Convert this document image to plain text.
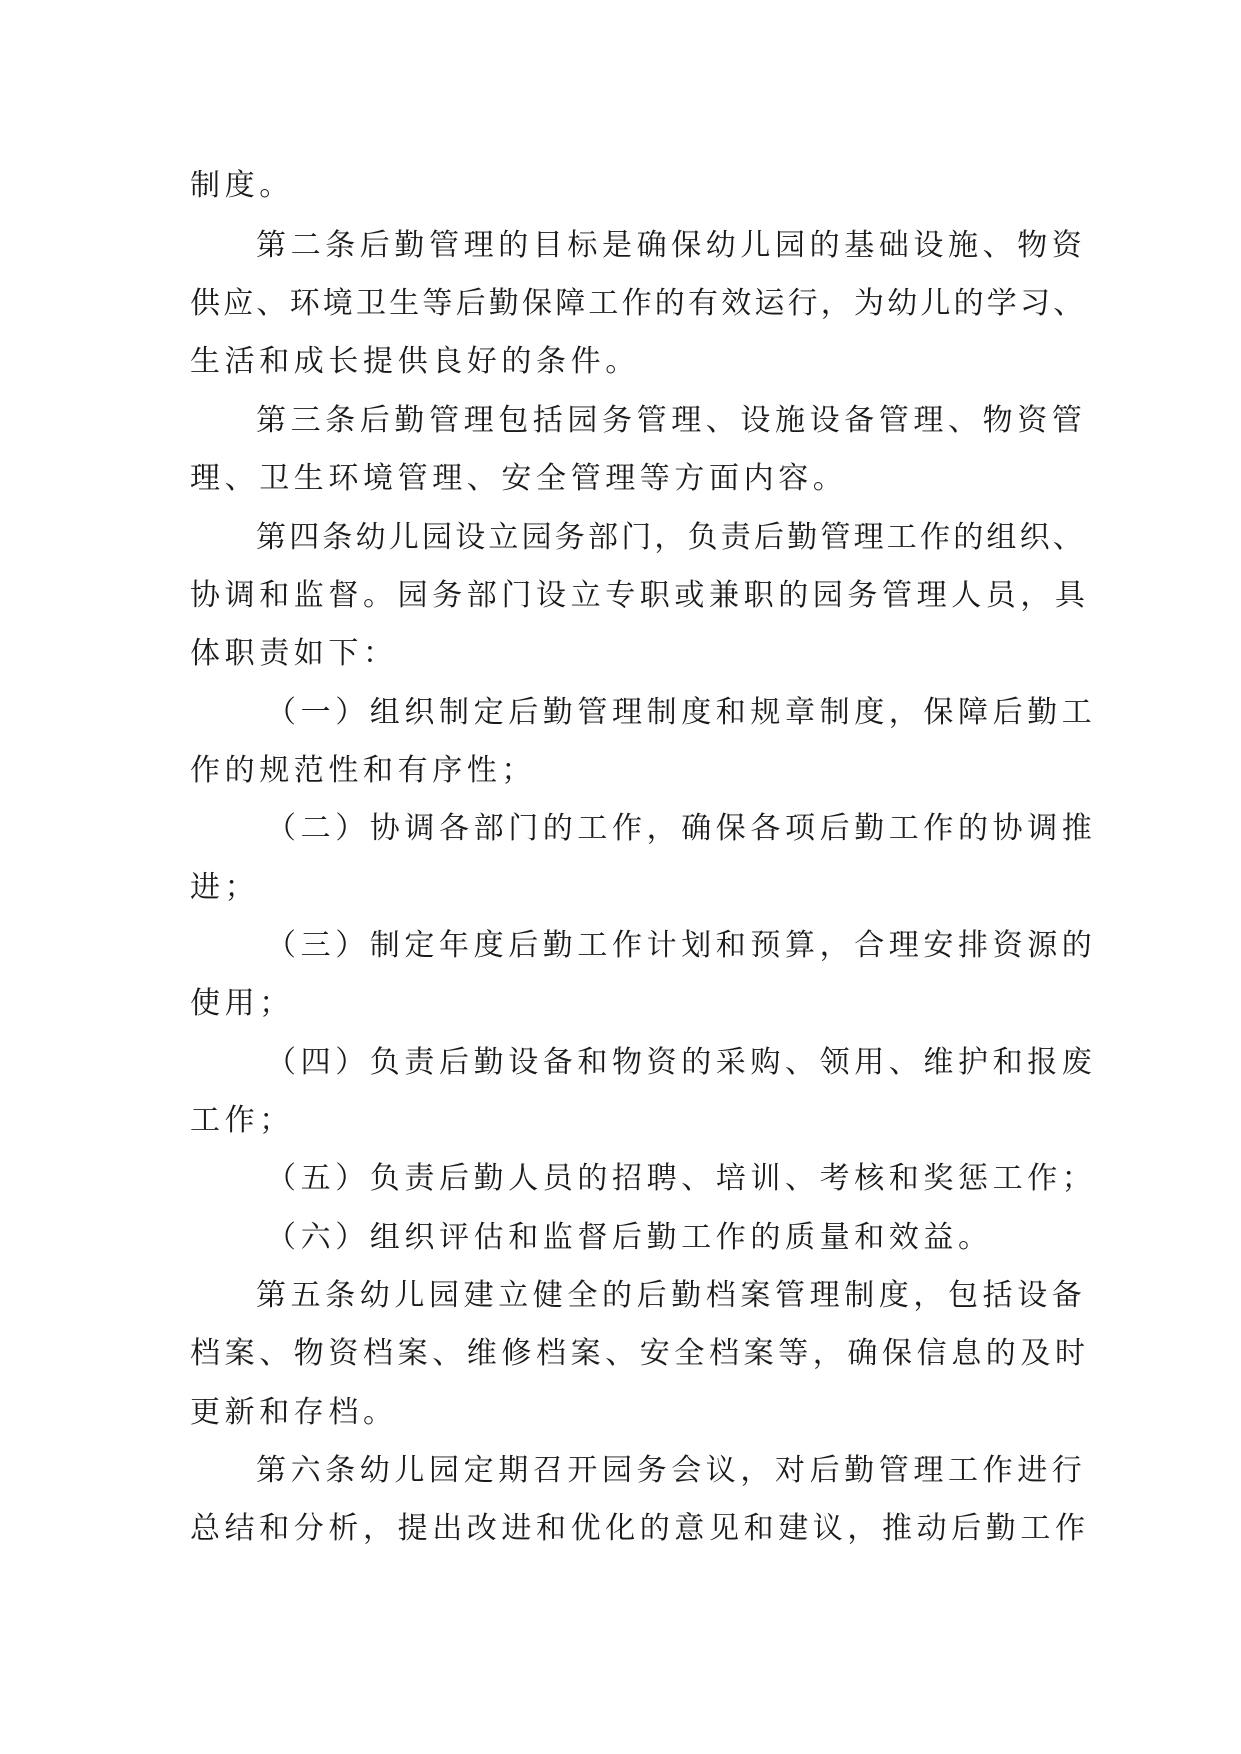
制度。

第二条后勤管理的目标是确保幼儿园的基础设施、物资

供应、环境卫生等后勤保障工作的有效运行，为幼儿的学习、

生活和成长提供良好的条件。

第三条后勤管理包括园务管理、设施设备管理、物资管

理、卫生环境管理、安全管理等方面内容。

第四条幼儿园设立园务部门，负责后勤管理工作的组织、

协调和监督。园务部门设立专职或兼职的园务管理人员，具

体职责如下：

（一）组织制定后勤管理制度和规章制度，保障后勤工

作的规范性和有序性；

（二）协调各部门的工作，确保各项后勤工作的协调推

进；

（三）制定年度后勤工作计划和预算，合理安排资源的

使用；

（四）负责后勤设备和物资的采购、领用、维护和报废

工作；

（五）负责后勤人员的招聘、培训、考核和奖惩工作；

（六）组织评估和监督后勤工作的质量和效益。

第五条幼儿园建立健全的后勤档案管理制度，包括设备

档案、物资档案、维修档案、安全档案等，确保信息的及时

更新和存档。

第六条幼儿园定期召开园务会议，对后勤管理工作进行

总结和分析，提出改进和优化的意见和建议，推动后勤工作
